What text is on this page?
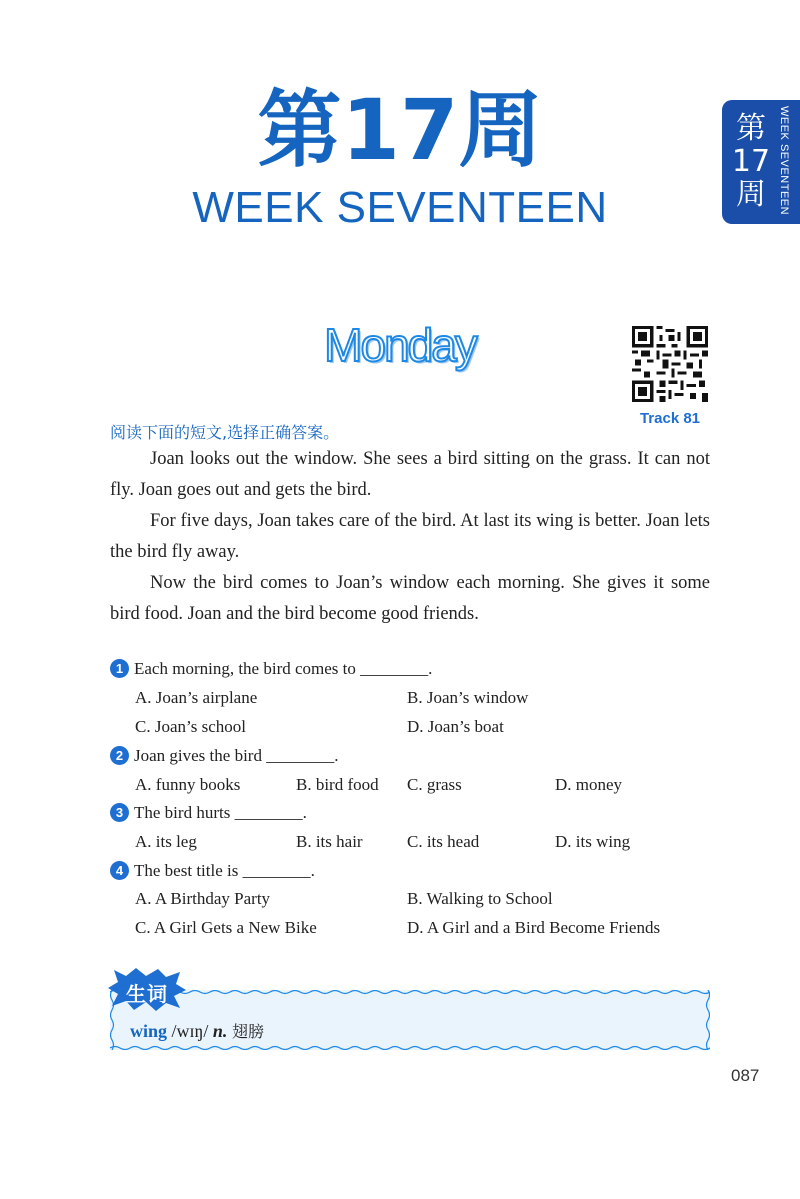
第17周
WEEK SEVENTEEN
第17周	WEEK SEVENTEEN
Monday
Track 81
阅读下面的短文,选择正确答案。

Joan looks out the window. She sees a bird sitting on the grass. It can not fly. Joan goes out and gets the bird.

For five days, Joan takes care of the bird. At last its wing is better. Joan lets the bird fly away.

Now the bird comes to Joan’s window each morning. She gives it some bird food. Joan and the bird become good friends.

1 Each morning, the bird comes to ________.
A. Joan’s airplane	B. Joan’s window
C. Joan’s school	D. Joan’s boat
2 Joan gives the bird ________.
A. funny books	B. bird food C. grass	D. money
3 The bird hurts ________.
A. its leg	B. its hair	C. its head	D. its wing
4 The best title is ________.
A. A Birthday Party	B. Walking to School
C. A Girl Gets a New Bike	D. A Girl and a Bird Become Friends
生词
wing /wɪŋ/ n. 翅膀
087
